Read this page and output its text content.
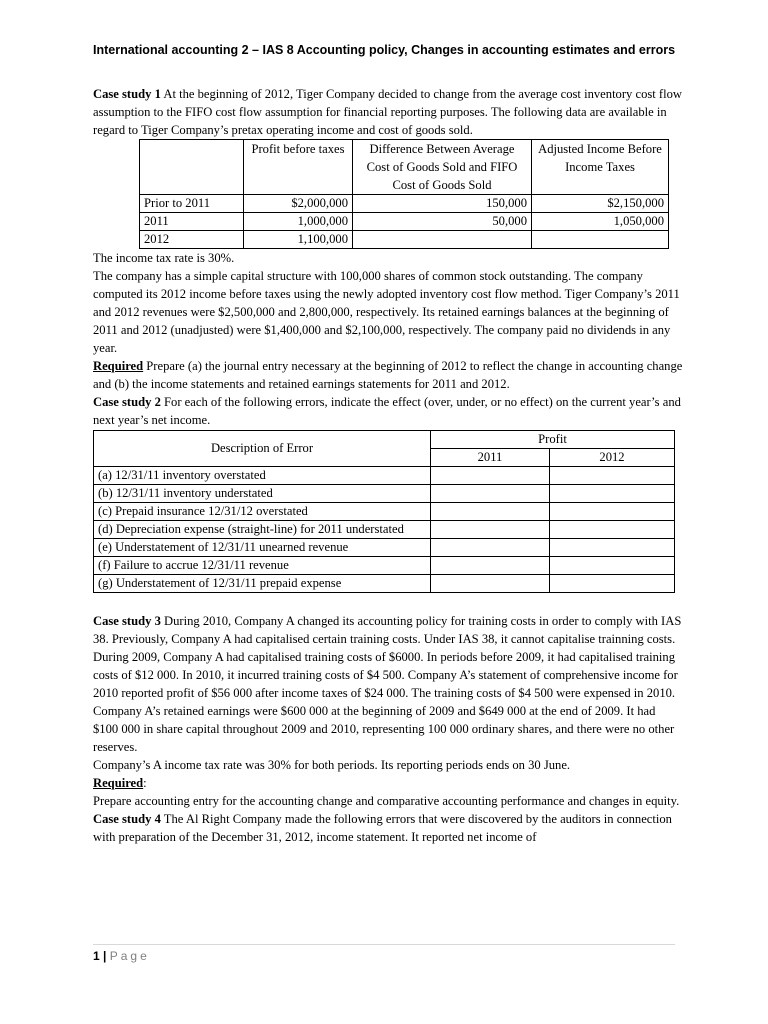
International accounting 2 – IAS 8 Accounting policy, Changes in accounting estimates and errors

Case study 1 At the beginning of 2012, Tiger Company decided to change from the average cost inventory cost flow assumption to the FIFO cost flow assumption for financial reporting purposes. The following data are available in regard to Tiger Company’s pretax operating income and cost of goods sold.

	Profit before taxes	Difference Between Average Cost of Goods Sold and FIFO Cost of Goods Sold	Adjusted Income Before Income Taxes
Prior to 2011	$2,000,000	150,000	$2,150,000
2011	1,000,000	50,000	1,050,000
2012	1,100,000		

The income tax rate is 30%.

The company has a simple capital structure with 100,000 shares of common stock outstanding. The company computed its 2012 income before taxes using the newly adopted inventory cost flow method. Tiger Company’s 2011 and 2012 revenues were $2,500,000 and 2,800,000, respectively. Its retained earnings balances at the beginning of 2011 and 2012 (unadjusted) were $1,400,000 and $2,100,000, respectively. The company paid no dividends in any year.

Required Prepare (a) the journal entry necessary at the beginning of 2012 to reflect the change in accounting change and (b) the income statements and retained earnings statements for 2011 and 2012.

Case study 2 For each of the following errors, indicate the effect (over, under, or no effect) on the current year’s and next year’s net income.

Description of Error	Profit	
	2011	2012
(a) 12/31/11 inventory overstated		
(b) 12/31/11 inventory understated		
(c) Prepaid insurance 12/31/12 overstated		
(d) Depreciation expense (straight-line) for 2011 understated		
(e) Understatement of 12/31/11 unearned revenue		
(f) Failure to accrue 12/31/11 revenue		
(g) Understatement of 12/31/11 prepaid expense		

Case study 3 During 2010, Company A changed its accounting policy for training costs in order to comply with IAS 38. Previously, Company A had capitalised certain training costs. Under IAS 38, it cannot capitalise trainning costs.

During 2009, Company A had capitalised training costs of $6000. In periods before 2009, it had capitalised training costs of $12 000. In 2010, it incurred training costs of $4 500. Company A’s statement of comprehensive income for 2010 reported profit of $56 000 after income taxes of $24 000. The training costs of $4 500 were expensed in 2010.

Company A’s retained earnings were $600 000 at the beginning of 2009 and $649 000 at the end of 2009. It had $100 000 in share capital throughout 2009 and 2010, representing 100 000 ordinary shares, and there were no other reserves.

Company’s A income tax rate was 30% for both periods. Its reporting periods ends on 30 June.

Required:

Prepare accounting entry for the accounting change and comparative accounting performance and changes in equity.

Case study 4 The Al Right Company made the following errors that were discovered by the auditors in connection with preparation of the December 31, 2012, income statement. It reported net income of

1 | Page
